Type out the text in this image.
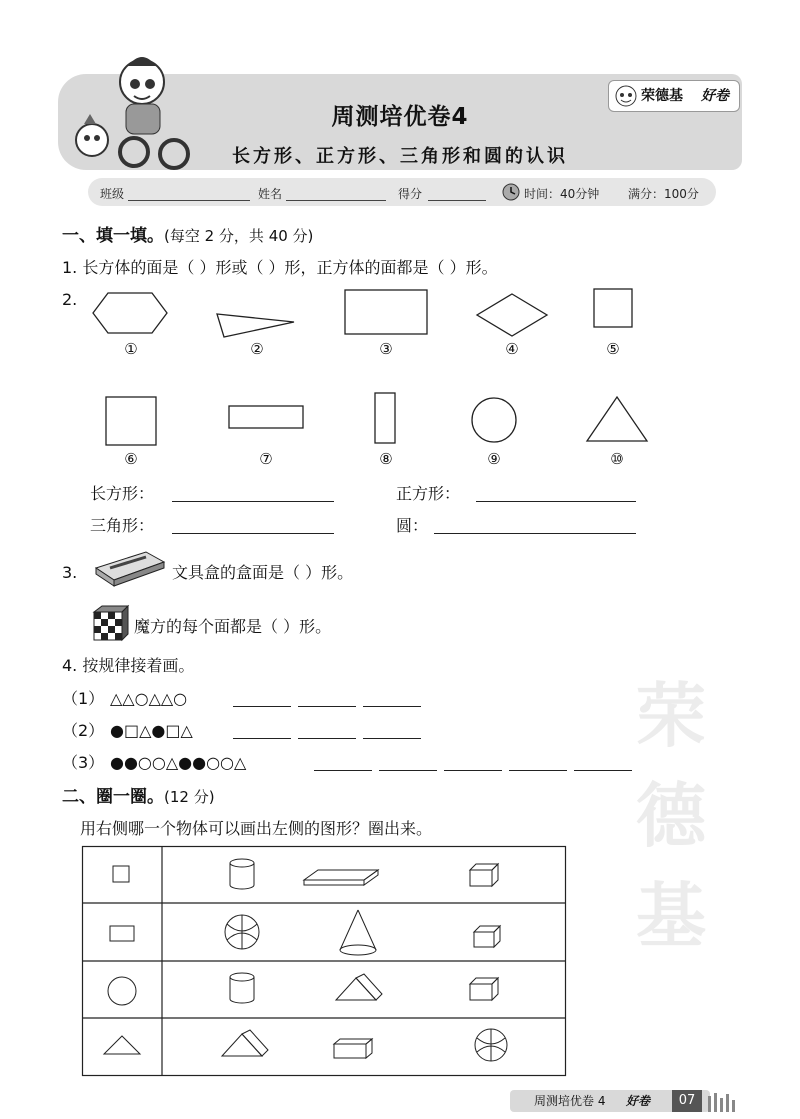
荣
德
基
周测培优卷4
长方形、正方形、三角形和圆的认识
荣德基 好卷
班级	姓名	得分	时间：40分钟 满分：100分
一、填一填。(每空 2 分，共 40 分)
1. 长方体的面是（ ）形或（ ）形，正方体的面都是（ ）形。
2.
①	②	③	④	⑤
⑥	⑦	⑧	⑨	⑩
长方形：	正方形：
三角形：	圆：
3.	文具盒的盒面是（ ）形。
魔方的每个面都是（ ）形。
4. 按规律接着画。
（1） △△○△△○
（2） ●□△●□△
（3） ●●○○△●●○○△
二、圈一圈。(12 分)
用右侧哪一个物体可以画出左侧的图形？圈出来。
周测培优卷 4 好卷	07
